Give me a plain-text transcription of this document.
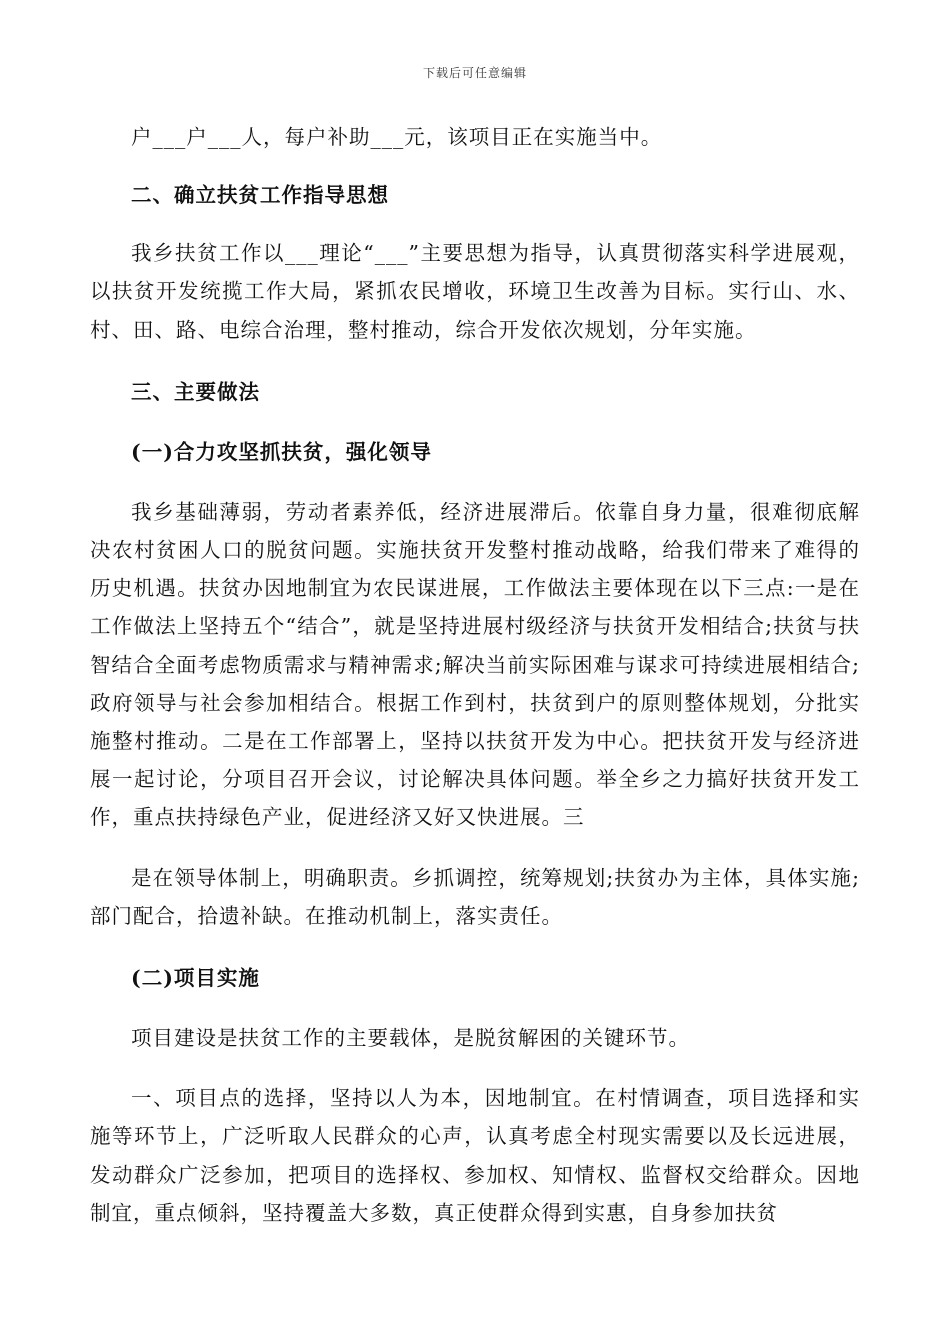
下载后可任意编辑

户___户___人，每户补助___元，该项目正在实施当中。

二、确立扶贫工作指导思想

我乡扶贫工作以___理论“___”主要思想为指导，认真贯彻落实科学进展观，以扶贫开发统揽工作大局，紧抓农民增收，环境卫生改善为目标。实行山、水、村、田、路、电综合治理，整村推动，综合开发依次规划，分年实施。

三、主要做法

(一)合力攻坚抓扶贫，强化领导

我乡基础薄弱，劳动者素养低，经济进展滞后。依靠自身力量，很难彻底解决农村贫困人口的脱贫问题。实施扶贫开发整村推动战略，给我们带来了难得的历史机遇。扶贫办因地制宜为农民谋进展，工作做法主要体现在以下三点:一是在工作做法上坚持五个“结合”，就是坚持进展村级经济与扶贫开发相结合;扶贫与扶智结合全面考虑物质需求与精神需求;解决当前实际困难与谋求可持续进展相结合;政府领导与社会参加相结合。根据工作到村，扶贫到户的原则整体规划，分批实施整村推动。二是在工作部署上，坚持以扶贫开发为中心。把扶贫开发与经济进展一起讨论，分项目召开会议，讨论解决具体问题。举全乡之力搞好扶贫开发工作，重点扶持绿色产业，促进经济又好又快进展。三

是在领导体制上，明确职责。乡抓调控，统筹规划;扶贫办为主体，具体实施;部门配合，拾遗补缺。在推动机制上，落实责任。

(二)项目实施

项目建设是扶贫工作的主要载体，是脱贫解困的关键环节。

一、项目点的选择，坚持以人为本，因地制宜。在村情调查，项目选择和实施等环节上，广泛听取人民群众的心声，认真考虑全村现实需要以及长远进展，发动群众广泛参加，把项目的选择权、参加权、知情权、监督权交给群众。因地制宜，重点倾斜，坚持覆盖大多数，真正使群众得到实惠，自身参加扶贫
